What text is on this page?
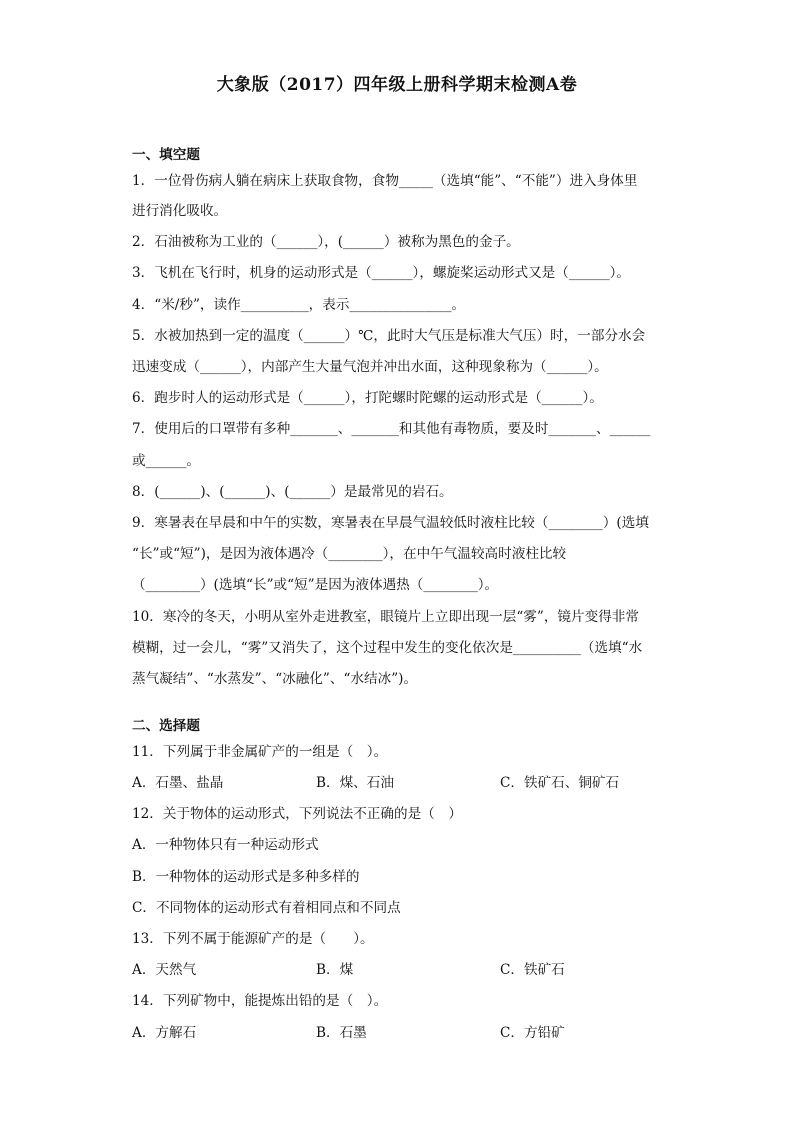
大象版（2017）四年级上册科学期末检测A卷
一、填空题
1．一位骨伤病人躺在病床上获取食物，食物_____（选填“能”、“不能”）进入身体里
进行消化吸收。
2．石油被称为工业的（______），(______）被称为黑色的金子。
3．飞机在飞行时，机身的运动形式是（______），螺旋桨运动形式又是（______）。
4．“米/秒”，读作__________，表示_______________。
5．水被加热到一定的温度（______）℃，此时大气压是标准大气压）时，一部分水会
迅速变成（______），内部产生大量气泡并冲出水面，这种现象称为（______）。
6．跑步时人的运动形式是（______），打陀螺时陀螺的运动形式是（______）。
7．使用后的口罩带有多种_______、_______和其他有毒物质，要及时_______、______
或______。
8．(______)、(______)、(______）是最常见的岩石。
9．寒暑表在早晨和中午的实数，寒暑表在早晨气温较低时液柱比较（________）(选填
“长”或“短”)，是因为液体遇冷（________），在中午气温较高时液柱比较
（________）(选填“长”或“短”是因为液体遇热（________）。
10．寒冷的冬天，小明从室外走进教室，眼镜片上立即出现一层“雾”，镜片变得非常
模糊，过一会儿，“雾”又消失了，这个过程中发生的变化依次是__________（选填“水
蒸气凝结”、“水蒸发”、“冰融化”、“水结冰”)。
二、选择题
11．下列属于非金属矿产的一组是（　）。
A．石墨、盐晶	B．煤、石油	C．铁矿石、铜矿石
12．关于物体的运动形式，下列说法不正确的是（　）
A．一种物体只有一种运动形式
B．一种物体的运动形式是多种多样的
C．不同物体的运动形式有着相同点和不同点
13．下列不属于能源矿产的是（　　）。
A．天然气	B．煤	C．铁矿石
14．下列矿物中，能提炼出铅的是（　）。
A．方解石	B．石墨	C．方铅矿
